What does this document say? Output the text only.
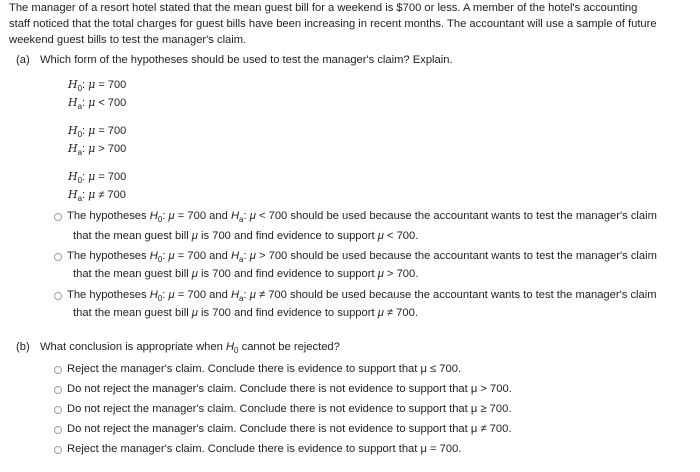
The manager of a resort hotel stated that the mean guest bill for a weekend is $700 or less. A member of the hotel's accounting
staff noticed that the total charges for guest bills have been increasing in recent months. The accountant will use a sample of future
weekend guest bills to test the manager's claim.
(a) Which form of the hypotheses should be used to test the manager's claim? Explain.
$H_0$: μ = 700
$H_a$: μ < 700
$H_0$: μ = 700
$H_a$: μ > 700
$H_0$: μ = 700
$H_a$: μ ≠ 700
The hypotheses $H_0$: μ = 700 and $H_a$: μ < 700 should be used because the accountant wants to test the manager's claim
that the mean guest bill μ is 700 and find evidence to support μ < 700.
The hypotheses $H_0$: μ = 700 and $H_a$: μ > 700 should be used because the accountant wants to test the manager's claim
that the mean guest bill μ is 700 and find evidence to support μ > 700.
The hypotheses $H_0$: μ = 700 and $H_a$: μ ≠ 700 should be used because the accountant wants to test the manager's claim
that the mean guest bill μ is 700 and find evidence to support μ ≠ 700.
(b) What conclusion is appropriate when $H_0$ cannot be rejected?
Reject the manager's claim. Conclude there is evidence to support that μ ≤ 700.
Do not reject the manager's claim. Conclude there is not evidence to support that μ > 700.
Do not reject the manager's claim. Conclude there is not evidence to support that μ ≥ 700.
Do not reject the manager's claim. Conclude there is not evidence to support that μ ≠ 700.
Reject the manager's claim. Conclude there is evidence to support that μ = 700.
